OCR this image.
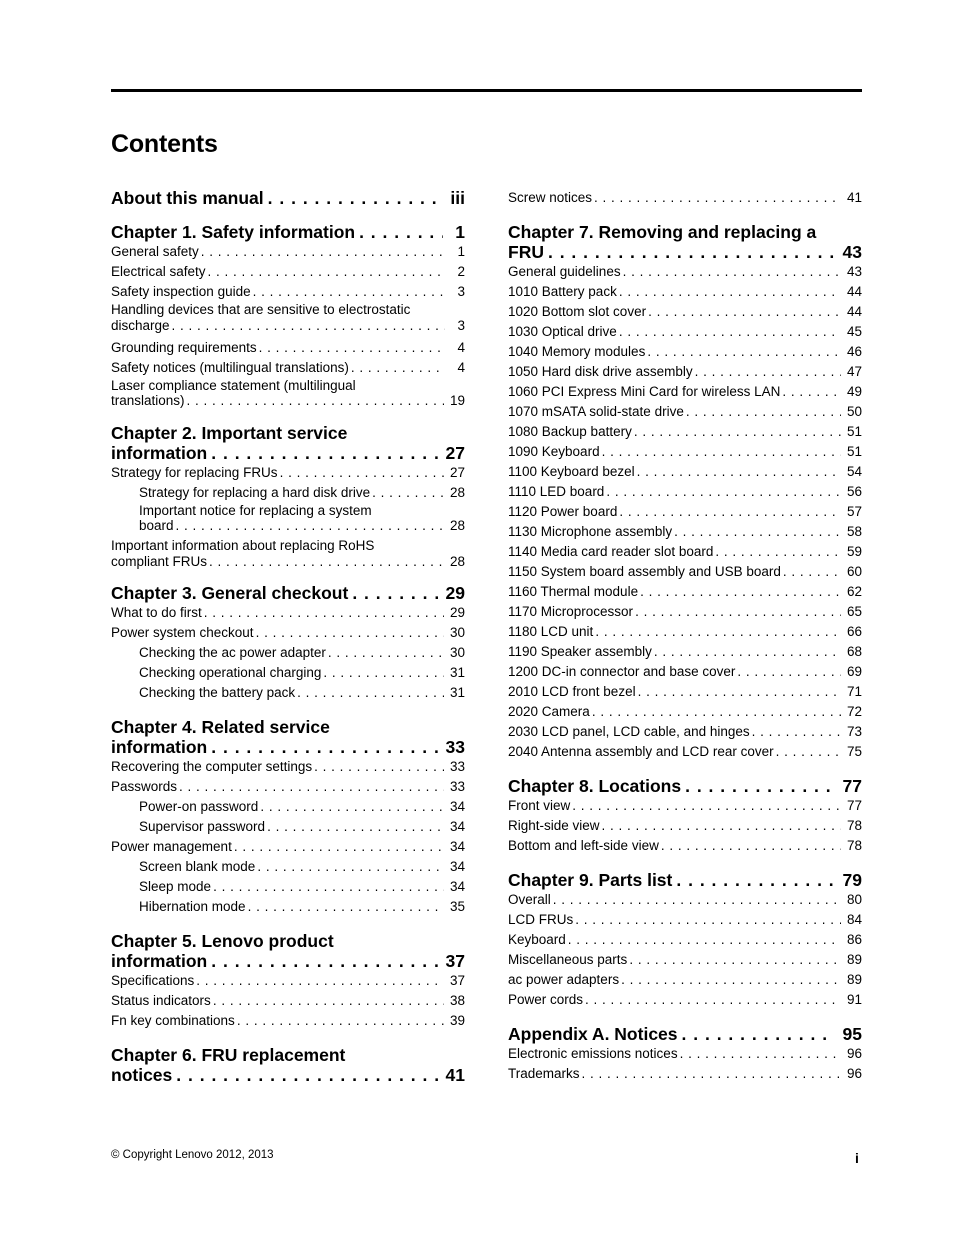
Contents
About this manual . .	iii
Chapter 1. Safety information . .	1
General safety . .	1
Electrical safety . .	2
Safety inspection guide . .	3
Handling devices that are sensitive to electrostatic
discharge . .	3
Grounding requirements . .	4
Safety notices (multilingual translations) . .	4
Laser compliance statement (multilingual
translations) . .	19
Chapter 2. Important service
information . .	27
Strategy for replacing FRUs . .	27
Strategy for replacing a hard disk drive . .	28
Important notice for replacing a system
board . .	28
Important information about replacing RoHS
compliant FRUs . .	28
Chapter 3. General checkout . .	29
What to do first . .	29
Power system checkout . .	30
Checking the ac power adapter . .	30
Checking operational charging . .	31
Checking the battery pack . .	31
Chapter 4. Related service
information . .	33
Recovering the computer settings . .	33
Passwords . .	33
Power-on password . .	34
Supervisor password . .	34
Power management . .	34
Screen blank mode . .	34
Sleep mode . .	34
Hibernation mode . .	35
Chapter 5. Lenovo product
information . .	37
Specifications . .	37
Status indicators . .	38
Fn key combinations . .	39
Chapter 6. FRU replacement
notices . .	41
Screw notices . .	41
Chapter 7. Removing and replacing a
FRU . .	43
General guidelines . .	43
1010 Battery pack . .	44
1020 Bottom slot cover . .	44
1030 Optical drive . .	45
1040 Memory modules . .	46
1050 Hard disk drive assembly . .	47
1060 PCI Express Mini Card for wireless LAN . .	49
1070 mSATA solid-state drive . .	50
1080 Backup battery . .	51
1090 Keyboard . .	51
1100 Keyboard bezel . .	54
1110 LED board . .	56
1120 Power board . .	57
1130 Microphone assembly . .	58
1140 Media card reader slot board . .	59
1150 System board assembly and USB board . .	60
1160 Thermal module . .	62
1170 Microprocessor . .	65
1180 LCD unit . .	66
1190 Speaker assembly . .	68
1200 DC-in connector and base cover . .	69
2010 LCD front bezel . .	71
2020 Camera . .	72
2030 LCD panel, LCD cable, and hinges . .	73
2040 Antenna assembly and LCD rear cover . .	75
Chapter 8. Locations . .	77
Front view . .	77
Right-side view . .	78
Bottom and left-side view . .	78
Chapter 9. Parts list . .	79
Overall . .	80
LCD FRUs . .	84
Keyboard . .	86
Miscellaneous parts . .	89
ac power adapters . .	89
Power cords . .	91
Appendix A. Notices . .	95
Electronic emissions notices . .	96
Trademarks . .	96
© Copyright Lenovo 2012, 2013	i
